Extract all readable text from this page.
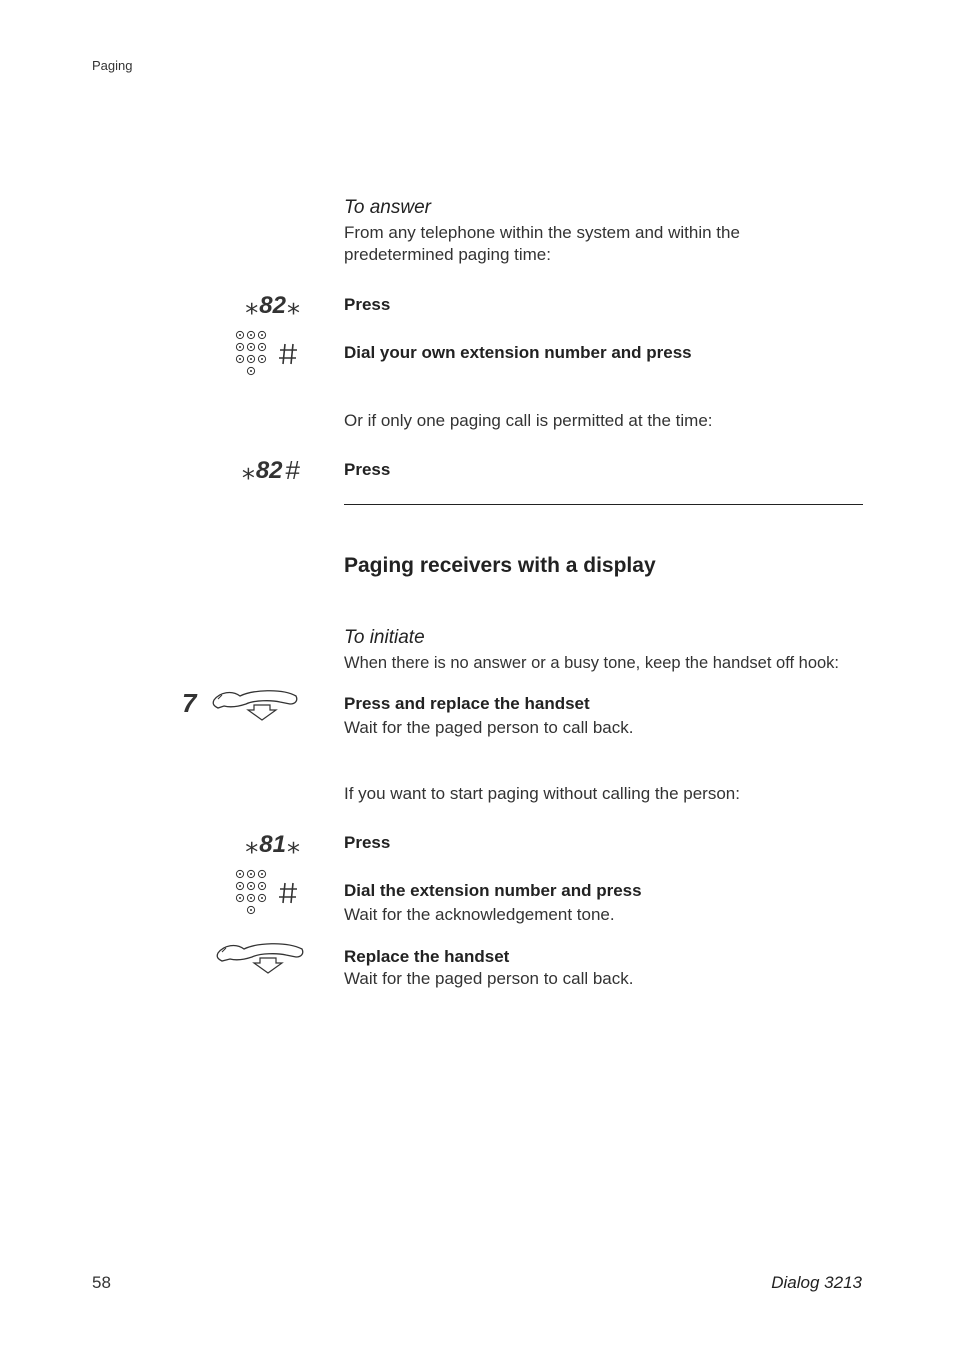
Paging
To answer
From any telephone within the system and within the predetermined paging time:
⁎ 82 ⁎	Press
Dial your own extension number and press
Or if only one paging call is permitted at the time:
⁎ 82 #	Press
Paging receivers with a display
To initiate
When there is no answer or a busy tone, keep the handset off hook:
7	Press and replace the handset
Wait for the paged person to call back.
If you want to start paging without calling the person:
⁎ 81 ⁎	Press
Dial the extension number and press
Wait for the acknowledgement tone.
Replace the handset
Wait for the paged person to call back.
58	Dialog 3213
